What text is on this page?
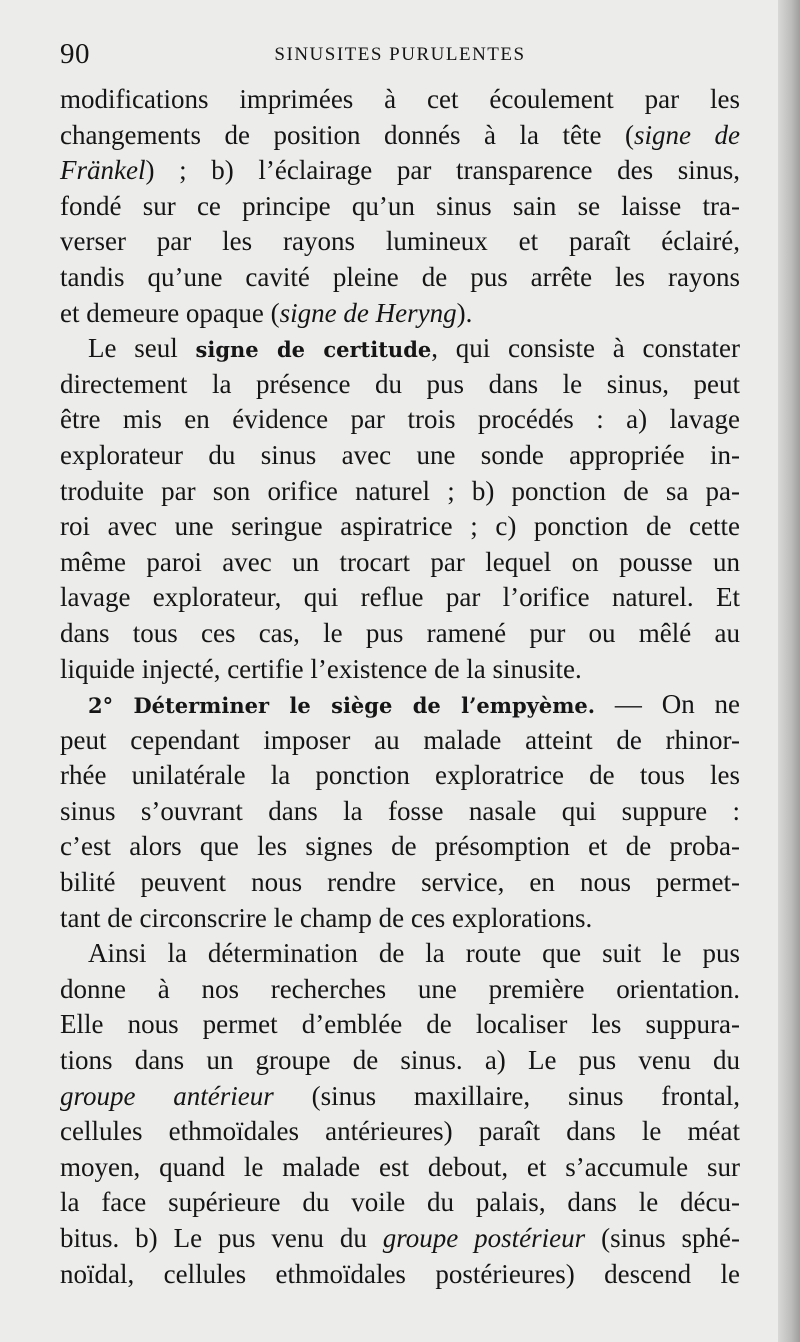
90	SINUSITES PURULENTES
modifications imprimées à cet écoulement par les
changements de position donnés à la tête (signe de
Fränkel) ; b) l’éclairage par transparence des sinus,
fondé sur ce principe qu’un sinus sain se laisse tra-
verser par les rayons lumineux et paraît éclairé,
tandis qu’une cavité pleine de pus arrête les rayons
et demeure opaque (signe de Heryng).
Le seul signe de certitude, qui consiste à constater
directement la présence du pus dans le sinus, peut
être mis en évidence par trois procédés : a) lavage
explorateur du sinus avec une sonde appropriée in-
troduite par son orifice naturel ; b) ponction de sa pa-
roi avec une seringue aspiratrice ; c) ponction de cette
même paroi avec un trocart par lequel on pousse un
lavage explorateur, qui reflue par l’orifice naturel. Et
dans tous ces cas, le pus ramené pur ou mêlé au
liquide injecté, certifie l’existence de la sinusite.
2° Déterminer le siège de l’empyème. — On ne
peut cependant imposer au malade atteint de rhinor-
rhée unilatérale la ponction exploratrice de tous les
sinus s’ouvrant dans la fosse nasale qui suppure :
c’est alors que les signes de présomption et de proba-
bilité peuvent nous rendre service, en nous permet-
tant de circonscrire le champ de ces explorations.
Ainsi la détermination de la route que suit le pus
donne à nos recherches une première orientation.
Elle nous permet d’emblée de localiser les suppura-
tions dans un groupe de sinus. a) Le pus venu du
groupe antérieur (sinus maxillaire, sinus frontal,
cellules ethmoïdales antérieures) paraît dans le méat
moyen, quand le malade est debout, et s’accumule sur
la face supérieure du voile du palais, dans le décu-
bitus. b) Le pus venu du groupe postérieur (sinus sphé-
noïdal, cellules ethmoïdales postérieures) descend le
